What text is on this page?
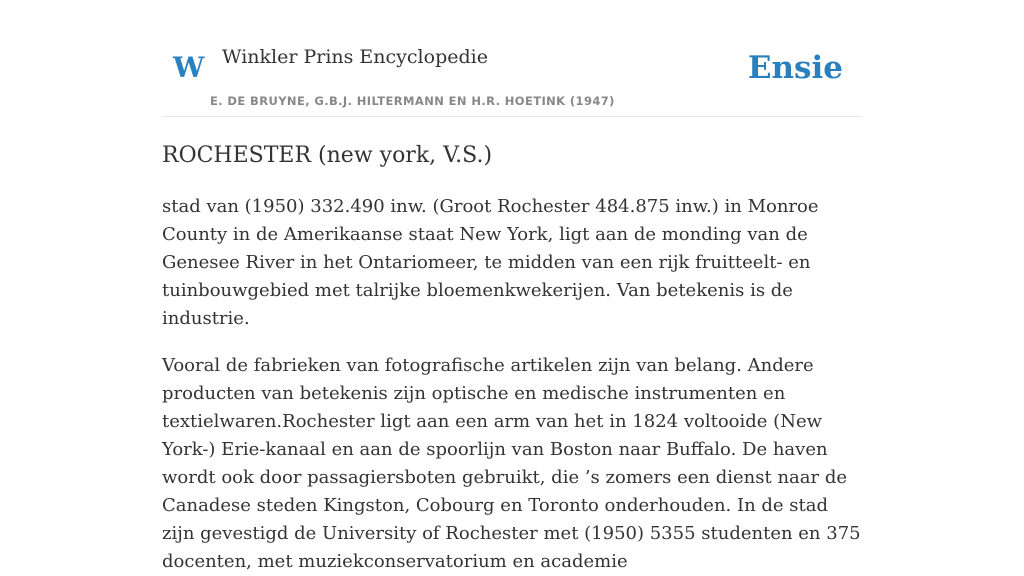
W Winkler Prins Encyclopedie
E. DE BRUYNE, G.B.J. HILTERMANN EN H.R. HOETINK (1947)
Ensie
ROCHESTER (new york, V.S.)

stad van (1950) 332.490 inw. (Groot Rochester 484.875 inw.) in Monroe County in de Amerikaanse staat New York, ligt aan de monding van de Genesee River in het Ontariomeer, te midden van een rijk fruitteelt- en tuinbouwgebied met talrijke bloemenkwekerijen. Van betekenis is de industrie.

Vooral de fabrieken van fotografische artikelen zijn van belang. Andere producten van betekenis zijn optische en medische instrumenten en textielwaren.Rochester ligt aan een arm van het in 1824 voltooide (New York-) Erie-kanaal en aan de spoorlijn van Boston naar Buffalo. De haven wordt ook door passagiersboten gebruikt, die ’s zomers een dienst naar de Canadese steden Kingston, Cobourg en Toronto onderhouden. In de stad zijn gevestigd de University of Rochester met (1950) 5355 studenten en 375 docenten, met muziekconservatorium en academie
